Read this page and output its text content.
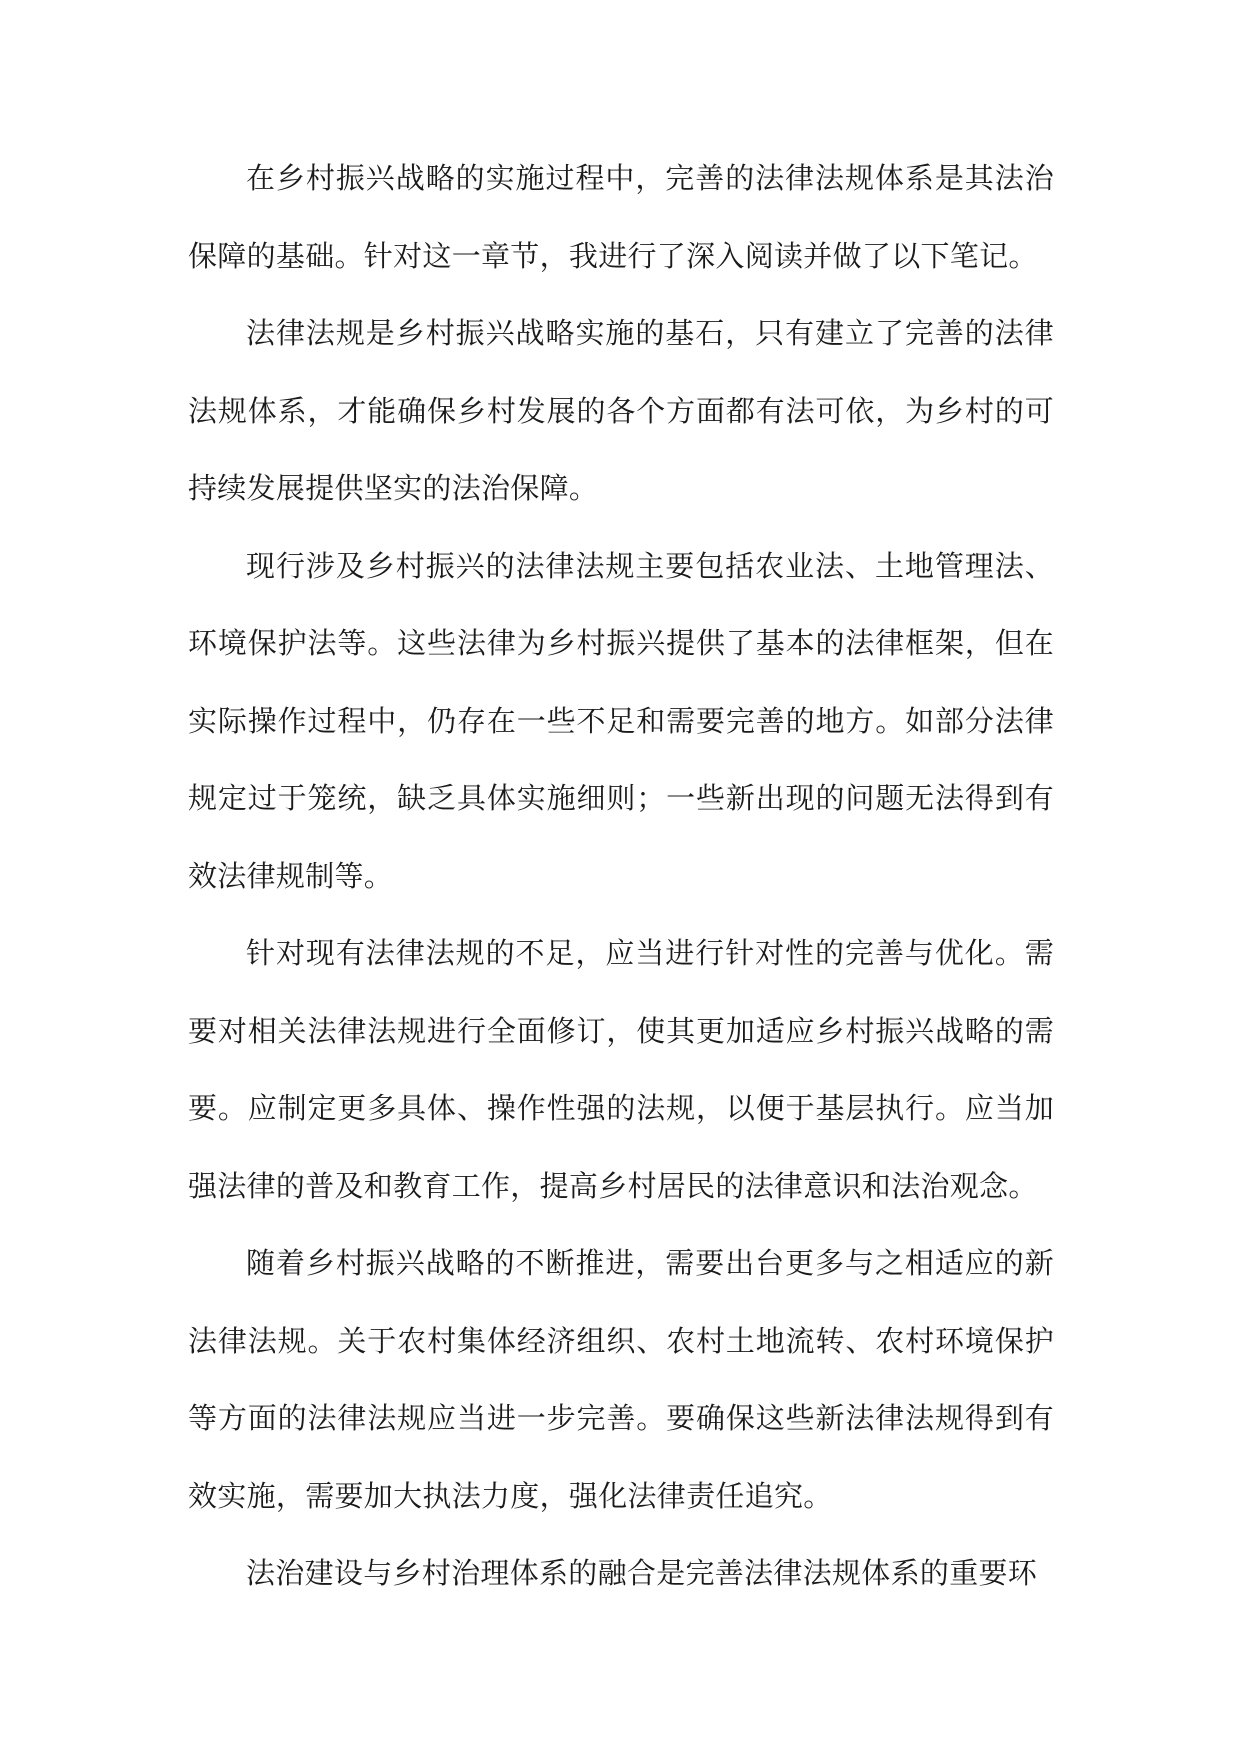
在乡村振兴战略的实施过程中，完善的法律法规体系是其法治保障的基础。针对这一章节，我进行了深入阅读并做了以下笔记。

法律法规是乡村振兴战略实施的基石，只有建立了完善的法律法规体系，才能确保乡村发展的各个方面都有法可依，为乡村的可持续发展提供坚实的法治保障。

现行涉及乡村振兴的法律法规主要包括农业法、土地管理法、环境保护法等。这些法律为乡村振兴提供了基本的法律框架，但在实际操作过程中，仍存在一些不足和需要完善的地方。如部分法律规定过于笼统，缺乏具体实施细则；一些新出现的问题无法得到有效法律规制等。

针对现有法律法规的不足，应当进行针对性的完善与优化。需要对相关法律法规进行全面修订，使其更加适应乡村振兴战略的需要。应制定更多具体、操作性强的法规，以便于基层执行。应当加强法律的普及和教育工作，提高乡村居民的法律意识和法治观念。

随着乡村振兴战略的不断推进，需要出台更多与之相适应的新法律法规。关于农村集体经济组织、农村土地流转、农村环境保护等方面的法律法规应当进一步完善。要确保这些新法律法规得到有效实施，需要加大执法力度，强化法律责任追究。

法治建设与乡村治理体系的融合是完善法律法规体系的重要环
